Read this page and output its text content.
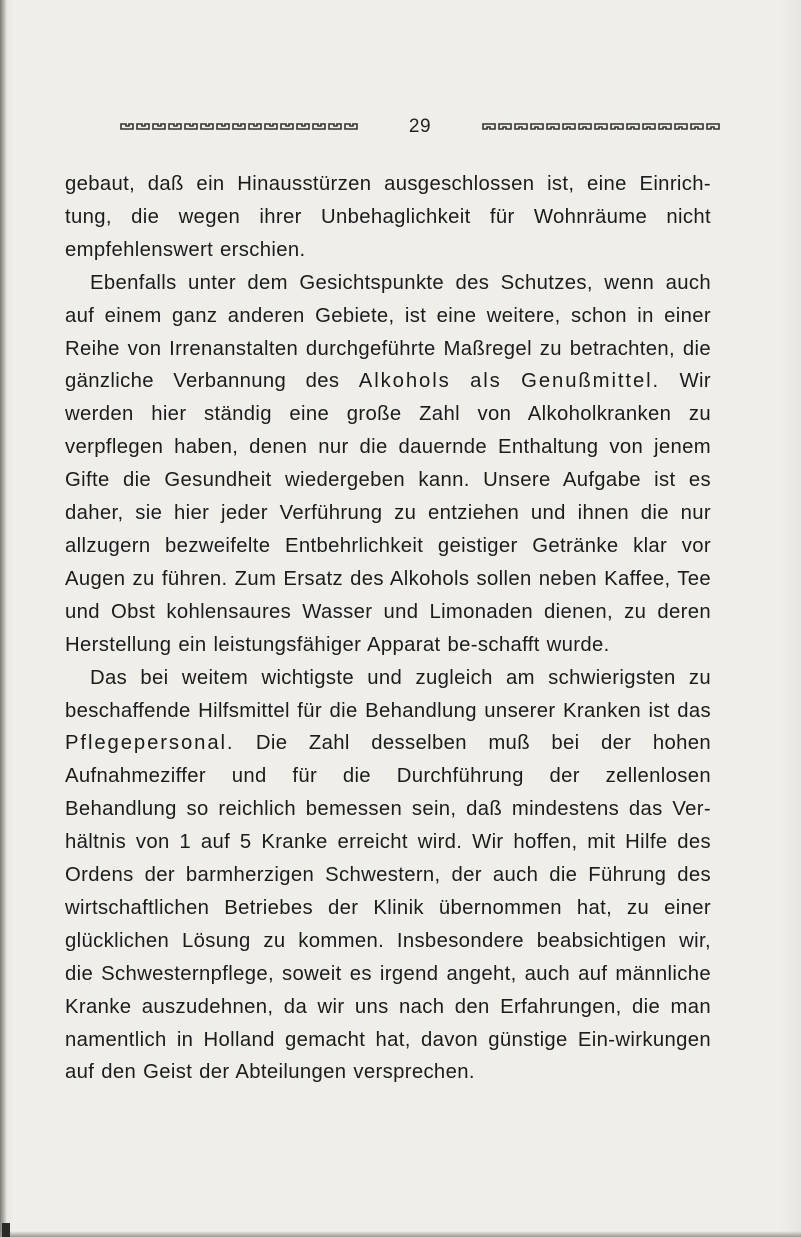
29

gebaut, daß ein Hinausstürzen ausgeschlossen ist, eine Einrich-tung, die wegen ihrer Unbehaglichkeit für Wohnräume nicht empfehlenswert erschien.

Ebenfalls unter dem Gesichtspunkte des Schutzes, wenn auch auf einem ganz anderen Gebiete, ist eine weitere, schon in einer Reihe von Irrenanstalten durchgeführte Maßregel zu betrachten, die gänzliche Verbannung des Alkohols als Genußmittel. Wir werden hier ständig eine große Zahl von Alkoholkranken zu verpflegen haben, denen nur die dauernde Enthaltung von jenem Gifte die Gesundheit wiedergeben kann. Unsere Aufgabe ist es daher, sie hier jeder Verführung zu entziehen und ihnen die nur allzugern bezweifelte Entbehrlichkeit geistiger Getränke klar vor Augen zu führen. Zum Ersatz des Alkohols sollen neben Kaffee, Tee und Obst kohlensaures Wasser und Limonaden dienen, zu deren Herstellung ein leistungsfähiger Apparat be-schafft wurde.

Das bei weitem wichtigste und zugleich am schwierigsten zu beschaffende Hilfsmittel für die Behandlung unserer Kranken ist das Pflegepersonal. Die Zahl desselben muß bei der hohen Aufnahmeziffer und für die Durchführung der zellenlosen Behandlung so reichlich bemessen sein, daß mindestens das Ver-hältnis von 1 auf 5 Kranke erreicht wird. Wir hoffen, mit Hilfe des Ordens der barmherzigen Schwestern, der auch die Führung des wirtschaftlichen Betriebes der Klinik übernommen hat, zu einer glücklichen Lösung zu kommen. Insbesondere beabsichtigen wir, die Schwesternpflege, soweit es irgend angeht, auch auf männliche Kranke auszudehnen, da wir uns nach den Erfahrungen, die man namentlich in Holland gemacht hat, davon günstige Ein-wirkungen auf den Geist der Abteilungen versprechen.
